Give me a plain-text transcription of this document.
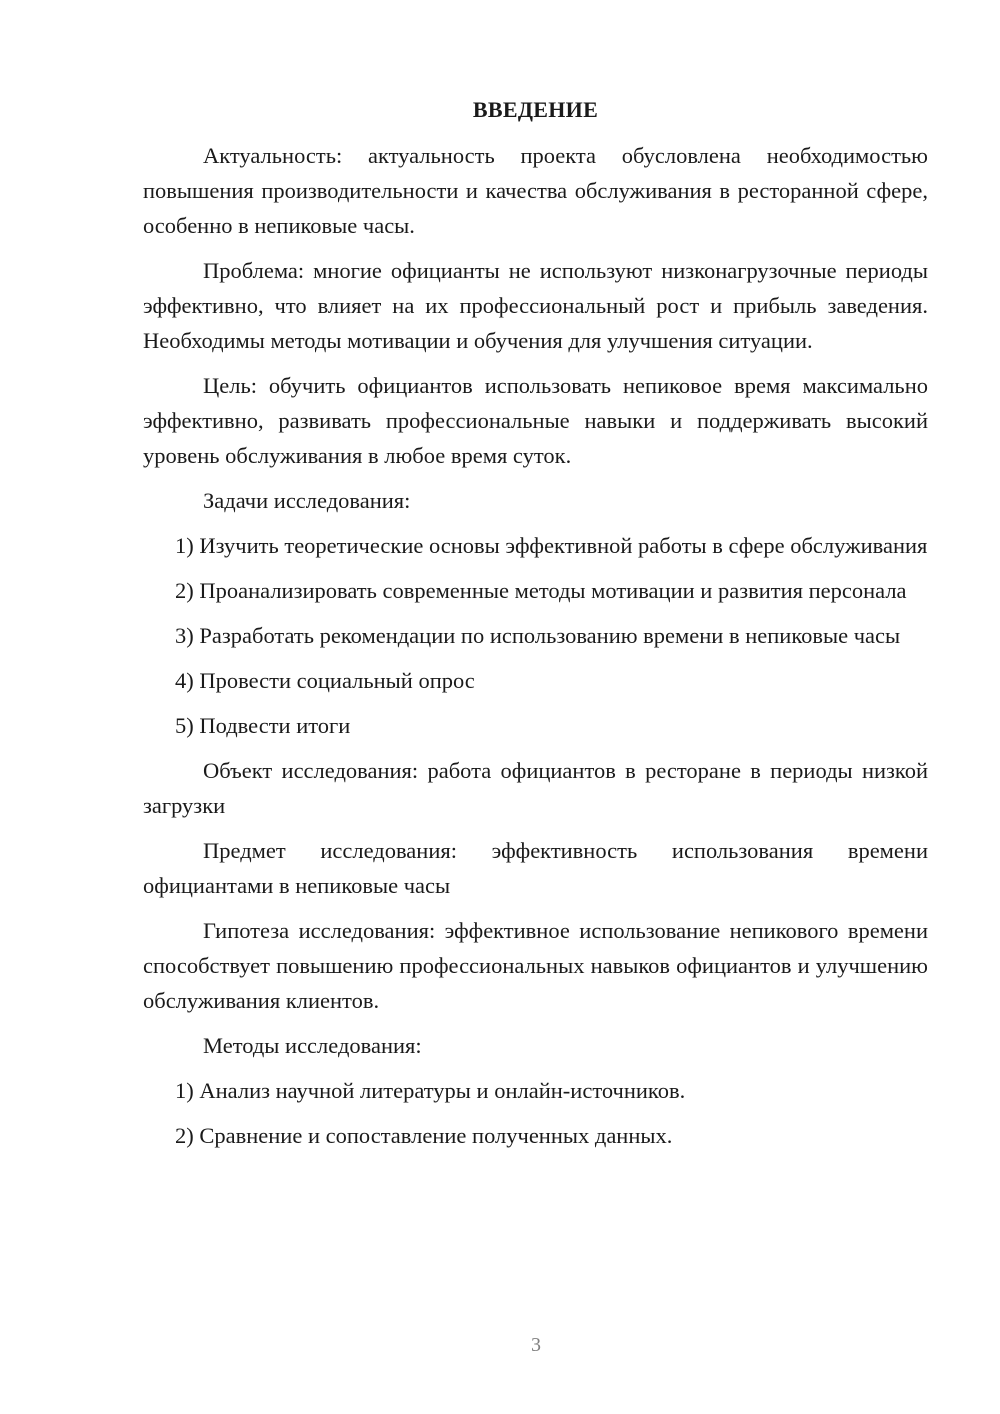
ВВЕДЕНИЕ

Актуальность: актуальность проекта обусловлена необходимостью повышения производительности и качества обслуживания в ресторанной сфере, особенно в непиковые часы.

Проблема: многие официанты не используют низконагрузочные периоды эффективно, что влияет на их профессиональный рост и прибыль заведения. Необходимы методы мотивации и обучения для улучшения ситуации.

Цель: обучить официантов использовать непиковое время максимально эффективно, развивать профессиональные навыки и поддерживать высокий уровень обслуживания в любое время суток.

Задачи исследования:

1) Изучить теоретические основы эффективной работы в сфере обслуживания

2) Проанализировать современные методы мотивации и развития персонала

3) Разработать рекомендации по использованию времени в непиковые часы

4) Провести социальный опрос

5) Подвести итоги

Объект исследования: работа официантов в ресторане в периоды низкой загрузки

Предмет исследования: эффективность использования времени официантами в непиковые часы

Гипотеза исследования: эффективное использование непикового времени способствует повышению профессиональных навыков официантов и улучшению обслуживания клиентов.

Методы исследования:

1) Анализ научной литературы и онлайн-источников.

2) Сравнение и сопоставление полученных данных.

3
